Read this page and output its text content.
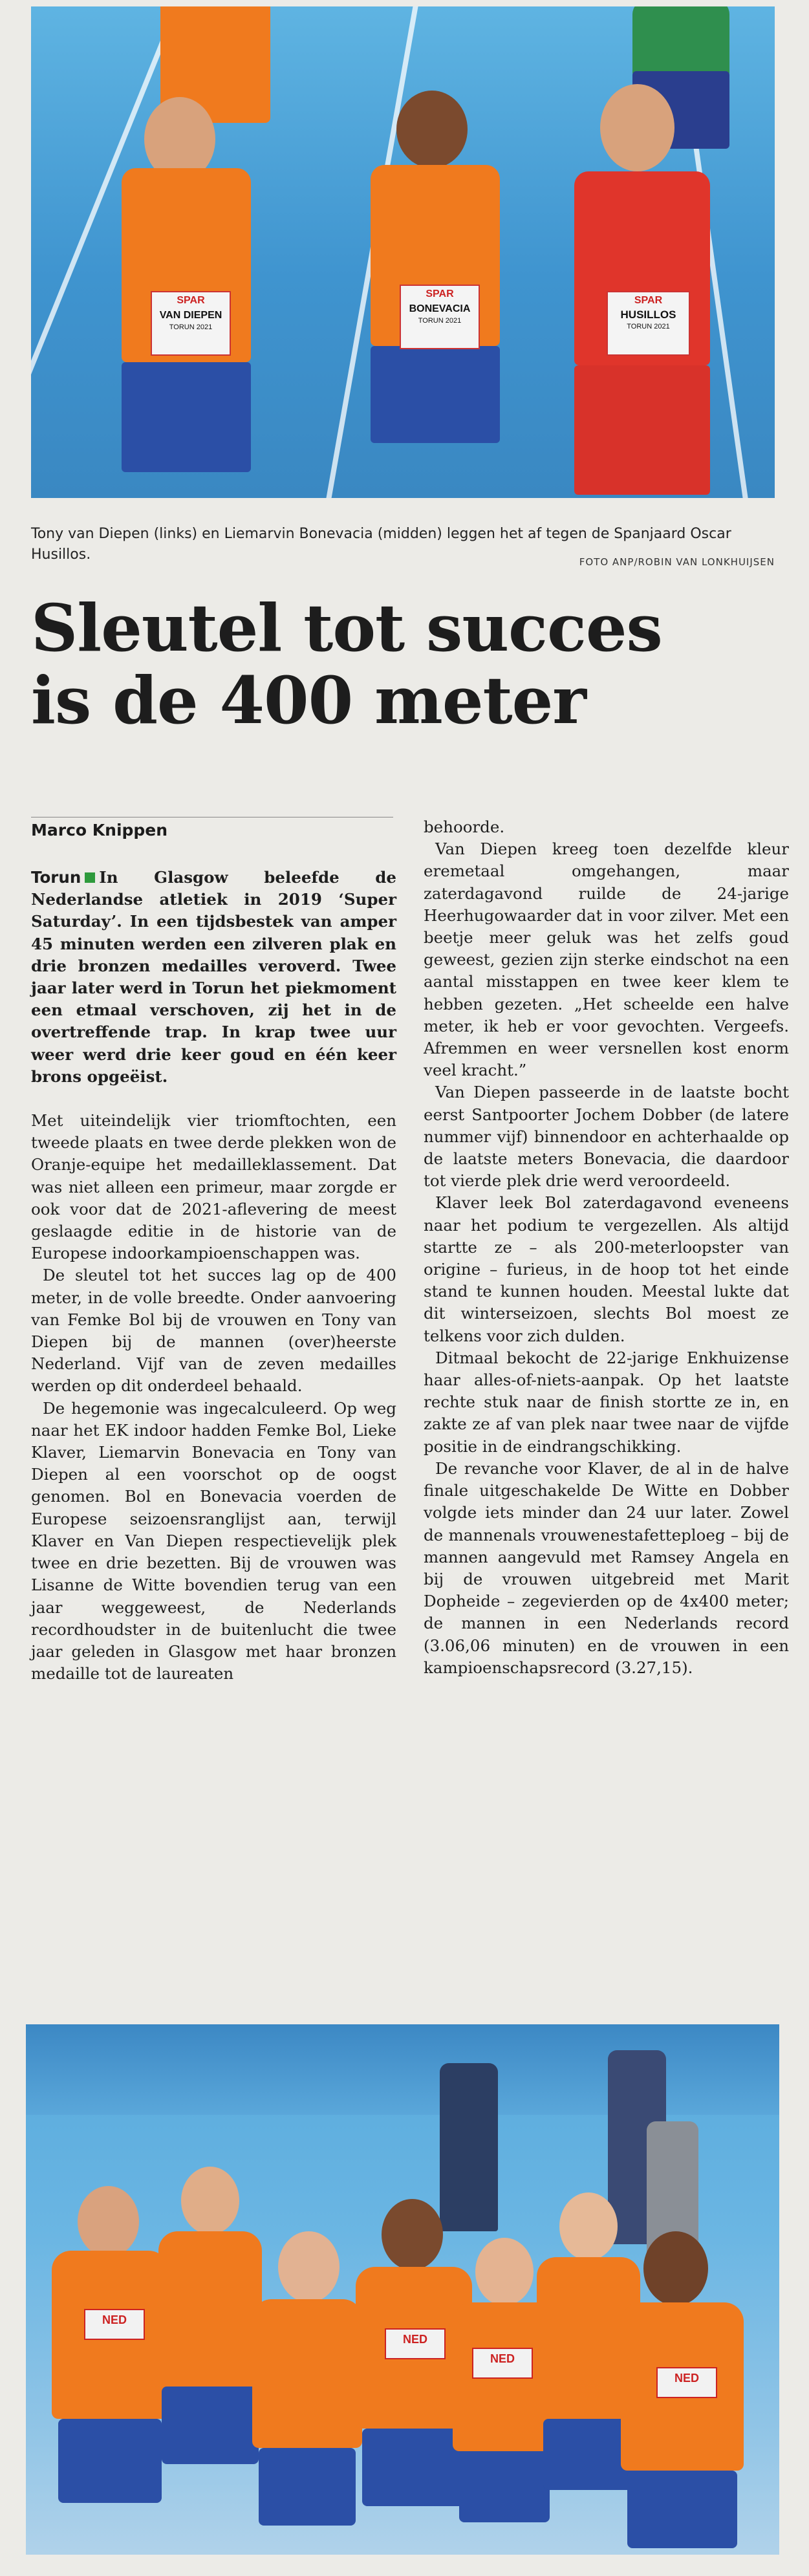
SPAR
VAN DIEPEN
TORUN 2021
SPAR
BONEVACIA
TORUN 2021
SPAR
HUSILLOS
TORUN 2021
Tony van Diepen (links) en Liemarvin Bonevacia (midden) leggen het af tegen de Spanjaard Oscar Husillos.	FOTO ANP/ROBIN VAN LONKHUIJSEN
Sleutel tot succes
is de 400 meter
Marco Knippen

Torun In Glasgow beleefde de Nederlandse atletiek in 2019 ‘Super Saturday’. In een tijdsbestek van amper 45 minuten werden een zilveren plak en drie bronzen medailles veroverd. Twee jaar later werd in Torun het piekmoment een etmaal verschoven, zij het in de overtreffende trap. In krap twee uur weer werd drie keer goud en één keer brons opgeëist.

Met uiteindelijk vier triomftochten, een tweede plaats en twee derde plekken won de Oranje-equipe het medailleklassement. Dat was niet alleen een primeur, maar zorgde er ook voor dat de 2021-aflevering de meest geslaagde editie in de historie van de Europese indoorkampioenschappen was.

De sleutel tot het succes lag op de 400 meter, in de volle breedte. Onder aanvoering van Femke Bol bij de vrouwen en Tony van Diepen bij de mannen (over)heerste Nederland. Vijf van de zeven medailles werden op dit onderdeel behaald.

De hegemonie was ingecalculeerd. Op weg naar het EK indoor hadden Femke Bol, Lieke Klaver, Liemarvin Bonevacia en Tony van Diepen al een voorschot op de oogst genomen. Bol en Bonevacia voerden de Europese seizoensranglijst aan, terwijl Klaver en Van Diepen respectievelijk plek twee en drie bezetten. Bij de vrouwen was Lisanne de Witte bovendien terug van een jaar weggeweest, de Nederlands recordhoudster in de buitenlucht die twee jaar geleden in Glasgow met haar bronzen medaille tot de laureaten

behoorde.

Van Diepen kreeg toen dezelfde kleur eremetaal omgehangen, maar zaterdagavond ruilde de 24-jarige Heerhugowaarder dat in voor zilver. Met een beetje meer geluk was het zelfs goud geweest, gezien zijn sterke eindschot na een aantal misstappen en twee keer klem te hebben gezeten. „Het scheelde een halve meter, ik heb er voor gevochten. Vergeefs. Afremmen en weer versnellen kost enorm veel kracht.”

Van Diepen passeerde in de laatste bocht eerst Santpoorter Jochem Dobber (de latere nummer vijf) binnendoor en achterhaalde op de laatste meters Bonevacia, die daardoor tot vierde plek drie werd veroordeeld.

Klaver leek Bol zaterdagavond eveneens naar het podium te vergezellen. Als altijd startte ze – als 200-meterloopster van origine – furieus, in de hoop tot het einde stand te kunnen houden. Meestal lukte dat dit winterseizoen, slechts Bol moest ze telkens voor zich dulden.

Ditmaal bekocht de 22-jarige Enkhuizense haar alles-of-niets-aanpak. Op het laatste rechte stuk naar de finish stortte ze in, en zakte ze af van plek naar twee naar de vijfde positie in de eindrangschikking.

De revanche voor Klaver, de al in de halve finale uitgeschakelde De Witte en Dobber volgde iets minder dan 24 uur later. Zowel de mannenals vrouwenestafetteploeg – bij de mannen aangevuld met Ramsey Angela en bij de vrouwen uitgebreid met Marit Dopheide – zegevierden op de 4x400 meter; de mannen in een Nederlands record (3.06,06 minuten) en de vrouwen in een kampioenschapsrecord (3.27,15).

NED
NED
NED
NED
